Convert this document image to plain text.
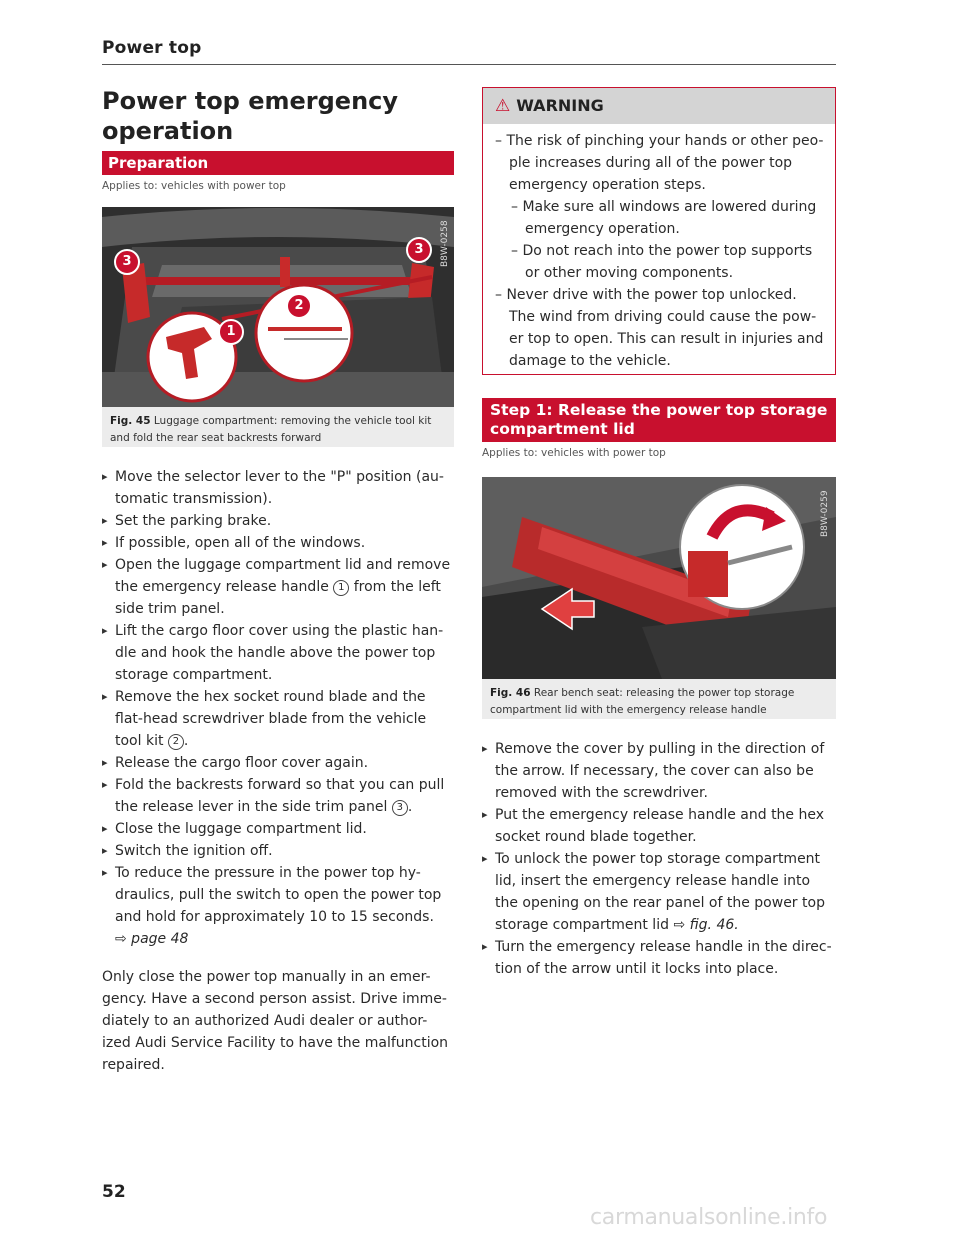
Power top
Power top emergency
operation
Preparation
Applies to: vehicles with power top
3
3
2
1
B8W-0258
Fig. 45 Luggage compartment: removing the vehicle tool kit and fold the rear seat backrests forward
▸ Move the selector lever to the "P" position (au-tomatic transmission).
▸ Set the parking brake.
▸ If possible, open all of the windows.
▸ Open the luggage compartment lid and remove the emergency release handle 1 from the left side trim panel.
▸ Lift the cargo floor cover using the plastic han-dle and hook the handle above the power top storage compartment.
▸ Remove the hex socket round blade and the flat-head screwdriver blade from the vehicle tool kit 2 .
▸ Release the cargo floor cover again.
▸ Fold the backrests forward so that you can pull the release lever in the side trim panel 3 .
▸ Close the luggage compartment lid.
▸ Switch the ignition off.
▸ To reduce the pressure in the power top hy-draulics, pull the switch to open the power top and hold for approximately 10 to 15 seconds.
⇨ page 48
Only close the power top manually in an emer-gency. Have a second person assist. Drive imme-diately to an authorized Audi dealer or author-ized Audi Service Facility to have the malfunction repaired.
⚠ WARNING
– The risk of pinching your hands or other peo-ple increases during all of the power top emergency operation steps.
– Make sure all windows are lowered during emergency operation.
– Do not reach into the power top supports or other moving components.
– Never drive with the power top unlocked. The wind from driving could cause the pow-er top to open. This can result in injuries and damage to the vehicle.
Step 1: Release the power top storage compartment lid
Applies to: vehicles with power top
B8W-0259
Fig. 46 Rear bench seat: releasing the power top storage compartment lid with the emergency release handle
▸ Remove the cover by pulling in the direction of the arrow. If necessary, the cover can also be removed with the screwdriver.
▸ Put the emergency release handle and the hex socket round blade together.
▸ To unlock the power top storage compartment lid, insert the emergency release handle into the opening on the rear panel of the power top storage compartment lid ⇨ fig. 46.
▸ Turn the emergency release handle in the direc-tion of the arrow until it locks into place.
52
carmanualsonline.info
